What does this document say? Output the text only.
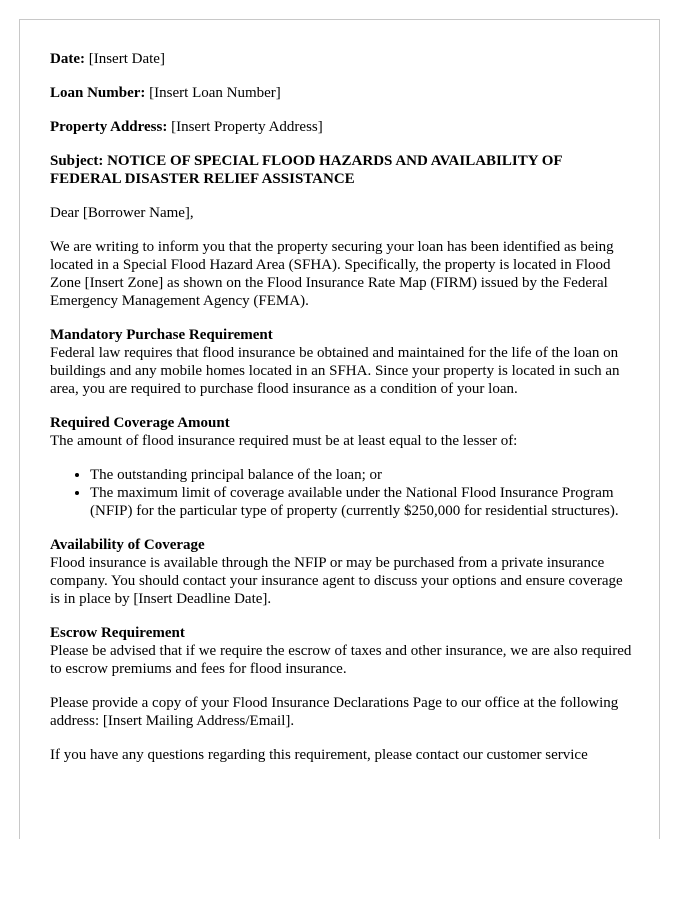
Date: [Insert Date]

Loan Number: [Insert Loan Number]

Property Address: [Insert Property Address]

Subject: NOTICE OF SPECIAL FLOOD HAZARDS AND AVAILABILITY OF FEDERAL DISASTER RELIEF ASSISTANCE

Dear [Borrower Name],

We are writing to inform you that the property securing your loan has been identified as being located in a Special Flood Hazard Area (SFHA). Specifically, the property is located in Flood Zone [Insert Zone] as shown on the Flood Insurance Rate Map (FIRM) issued by the Federal Emergency Management Agency (FEMA).

Mandatory Purchase Requirement
Federal law requires that flood insurance be obtained and maintained for the life of the loan on buildings and any mobile homes located in an SFHA. Since your property is located in such an area, you are required to purchase flood insurance as a condition of your loan.
Required Coverage Amount
The amount of flood insurance required must be at least equal to the lesser of:
• The outstanding principal balance of the loan; or
• The maximum limit of coverage available under the National Flood Insurance Program (NFIP) for the particular type of property (currently $250,000 for residential structures).
Availability of Coverage
Flood insurance is available through the NFIP or may be purchased from a private insurance company. You should contact your insurance agent to discuss your options and ensure coverage is in place by [Insert Deadline Date].
Escrow Requirement
Please be advised that if we require the escrow of taxes and other insurance, we are also required to escrow premiums and fees for flood insurance.

Please provide a copy of your Flood Insurance Declarations Page to our office at the following address: [Insert Mailing Address/Email].

If you have any questions regarding this requirement, please contact our customer service
